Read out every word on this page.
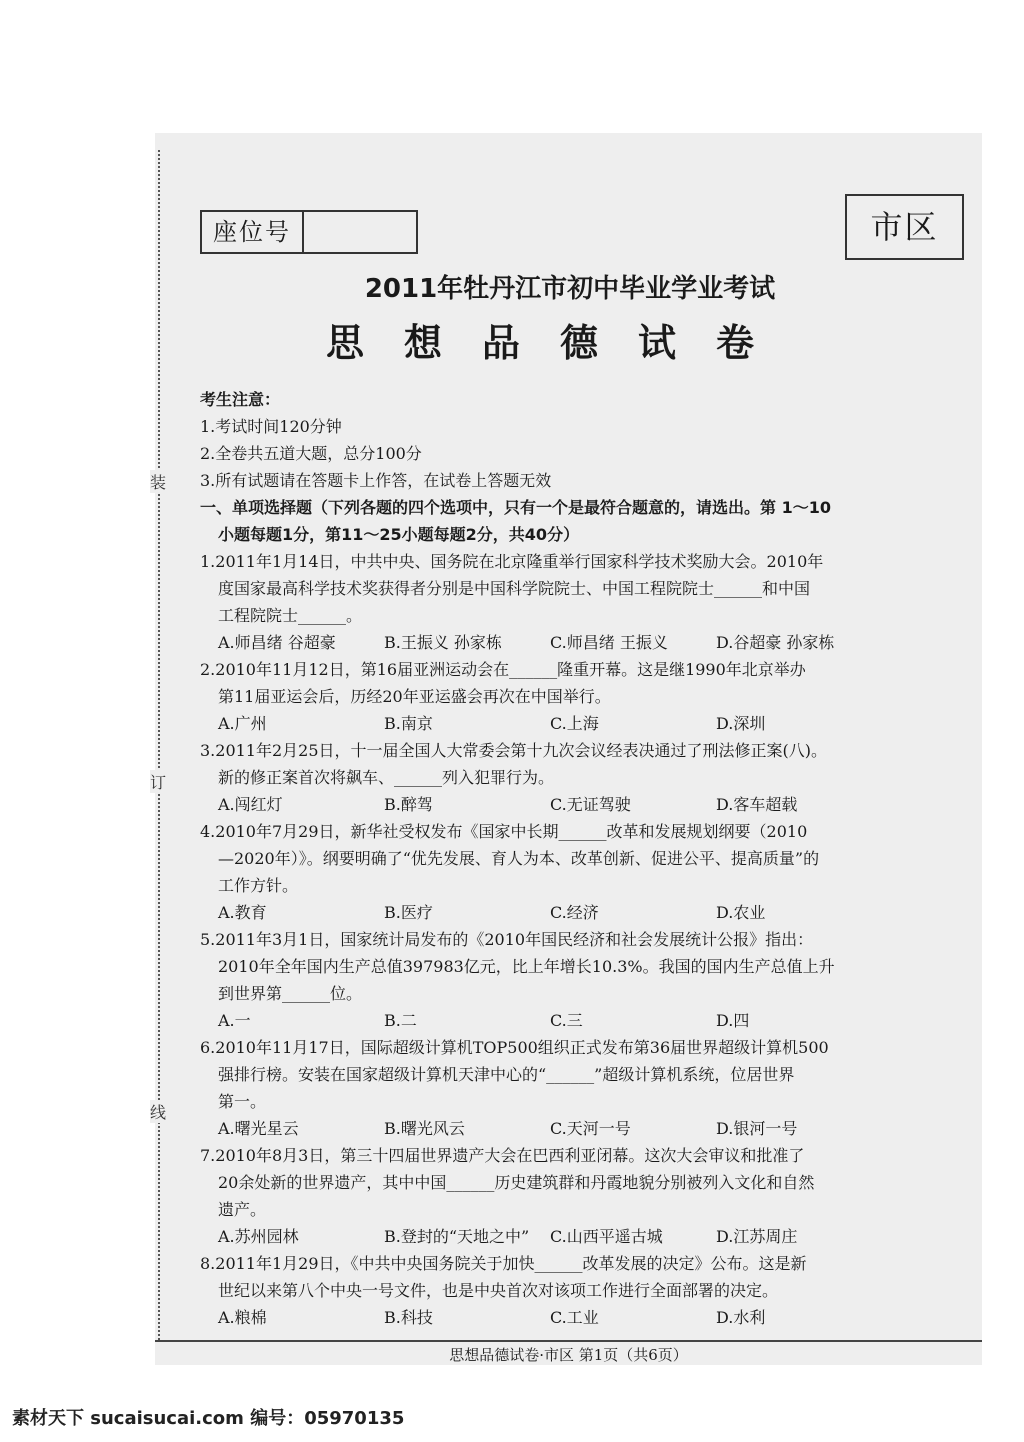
装
订
线
座位号	市区
2011年牡丹江市初中毕业学业考试
思想品德试卷

考生注意：

1.考试时间120分钟

2.全卷共五道大题，总分100分

3.所有试题请在答题卡上作答，在试卷上答题无效

一、单项选择题（下列各题的四个选项中，只有一个是最符合题意的，请选出。第 1～10

小题每题1分，第11～25小题每题2分，共40分）

1.2011年1月14日，中共中央、国务院在北京隆重举行国家科学技术奖励大会。2010年

度国家最高科学技术奖获得者分别是中国科学院院士、中国工程院院士______和中国

工程院院士______。

A.师昌绪 谷超豪	B.王振义 孙家栋	C.师昌绪 王振义	D.谷超豪 孙家栋

2.2010年11月12日，第16届亚洲运动会在______隆重开幕。这是继1990年北京举办

第11届亚运会后，历经20年亚运盛会再次在中国举行。

A.广州	B.南京	C.上海	D.深圳

3.2011年2月25日，十一届全国人大常委会第十九次会议经表决通过了刑法修正案(八)。

新的修正案首次将飙车、______列入犯罪行为。

A.闯红灯	B.醉驾	C.无证驾驶	D.客车超载

4.2010年7月29日，新华社受权发布《国家中长期______改革和发展规划纲要（2010

—2020年）》。纲要明确了“优先发展、育人为本、改革创新、促进公平、提高质量”的

工作方针。

A.教育	B.医疗	C.经济	D.农业

5.2011年3月1日，国家统计局发布的《2010年国民经济和社会发展统计公报》指出：

2010年全年国内生产总值397983亿元，比上年增长10.3%。我国的国内生产总值上升

到世界第______位。

A.一	B.二	C.三	D.四

6.2010年11月17日，国际超级计算机TOP500组织正式发布第36届世界超级计算机500

强排行榜。安装在国家超级计算机天津中心的“______”超级计算机系统，位居世界

第一。

A.曙光星云	B.曙光风云	C.天河一号	D.银河一号

7.2010年8月3日，第三十四届世界遗产大会在巴西利亚闭幕。这次大会审议和批准了

20余处新的世界遗产，其中中国______历史建筑群和丹霞地貌分别被列入文化和自然

遗产。

A.苏州园林	B.登封的“天地之中”	C.山西平遥古城	D.江苏周庄

8.2011年1月29日，《中共中央国务院关于加快______改革发展的决定》公布。这是新

世纪以来第八个中央一号文件，也是中央首次对该项工作进行全面部署的决定。

A.粮棉	B.科技	C.工业	D.水利
思想品德试卷·市区 第1页（共6页）
素材天下 sucaisucai.com 编号：05970135
